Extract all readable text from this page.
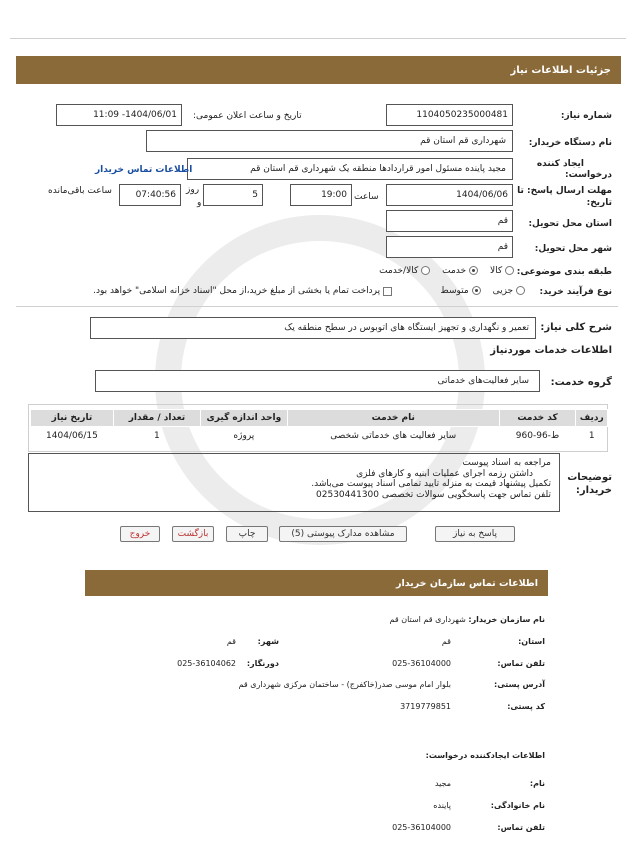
جزئیات اطلاعات نیاز
شماره نیاز:
1104050235000481
تاریخ و ساعت اعلان عمومی:
1404/06/01- 11:09
نام دستگاه خریدار:
شهرداری قم استان قم
ایجاد کننده
درخواست:
مجید پاینده مسئول امور قراردادها منطقه یک شهرداری قم استان قم
اطلاعات تماس خریدار
مهلت ارسال پاسخ: تا
تاریخ:
1404/06/06
ساعت
19:00
5
روز
و
07:40:56
ساعت باقی‌مانده
استان محل تحویل:
قم
شهر محل تحویل:
قم
طبقه بندی موضوعی:
کالا
خدمت
کالا/خدمت
نوع فرآیند خرید:
جزیی
متوسط

پرداخت تمام یا بخشی از مبلغ خرید،از محل "اسناد خزانه اسلامی" خواهد بود.
شرح کلی نیاز:
تعمیر و نگهداری و تجهیز ایستگاه های اتوبوس در سطح منطقه یک
اطلاعات خدمات موردنیاز
گروه خدمت:
سایر فعالیت‌های خدماتی
ردیف	کد خدمت	نام خدمت	واحد اندازه گیری	تعداد / مقدار	تاریخ نیاز
1	ط-96-960	سایر فعالیت های خدماتی شخصی	پروژه	1	1404/06/15
توضیحات
خریدار:
مراجعه به اسناد پیوست
داشتن رزمه اجرای عملیات ابنیه و کارهای فلزی
تکمیل پیشنهاد قیمت به منزله تایید تمامی اسناد پیوست می‌باشد.
تلفن تماس جهت پاسخگویی سوالات تخصصی 02530441300
پاسخ به نیاز
مشاهده مدارک پیوستی (5)
چاپ
بازگشت
خروج
اطلاعات تماس سازمان خریدار
نام سازمان خریدار: شهرداری قم استان قم
استان:
قم
شهر:
قم
تلفن تماس:
025-36104000
دورنگار:
025-36104062
آدرس پستی:
بلوار امام موسی صدر(خاکفرج) - ساختمان مرکزی شهرداری قم
کد پستی:
3719779851
اطلاعات ایجادکننده درخواست:
نام:
مجید
نام خانوادگی:
پاینده
تلفن تماس:
025-36104000
